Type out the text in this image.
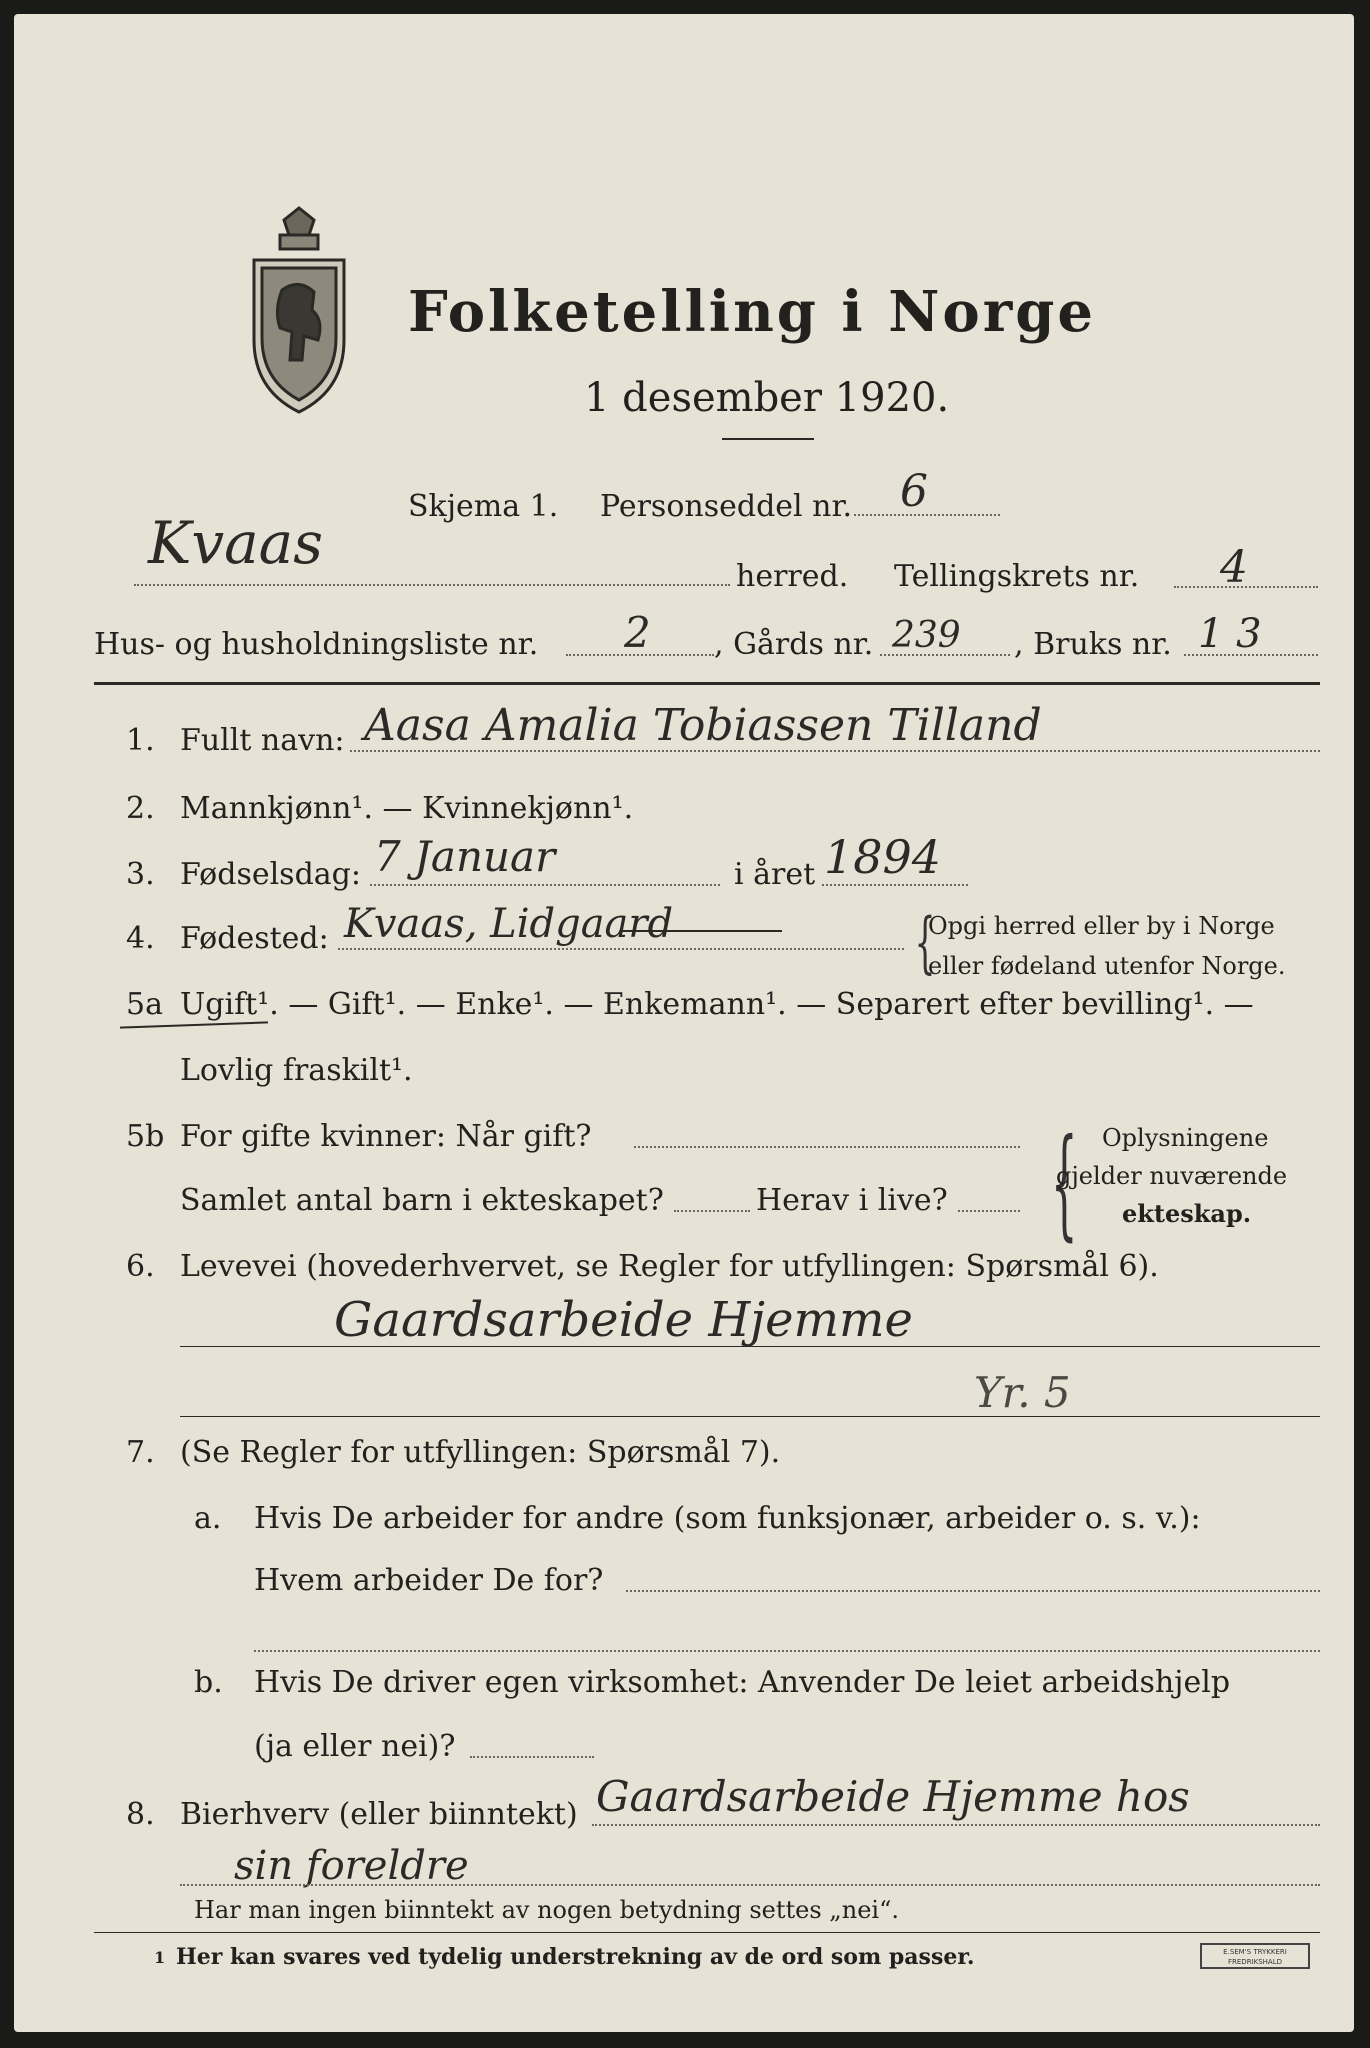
Folketelling i Norge
1 desember 1920.
Skjema 1. Personseddel nr. 6
Kvaas	herred. Tellingskrets nr. 4
Hus- og husholdningsliste nr. 2 , Gårds nr. 239 , Bruks nr. 1 3
1. Fullt navn: Aasa Amalia Tobiassen Tilland
2. Mannkjønn¹. — Kvinnekjønn¹.
3. Fødselsdag: 7 Januar	i året 1894
4. Fødested: Kvaas, Lidgaard	{
Opgi herred eller by i Norge
eller fødeland utenfor Norge.
5a Ugift¹. — Gift¹. — Enke¹. — Enkemann¹. — Separert efter bevilling¹. —
Lovlig fraskilt¹.
5b For gifte kvinner: Når gift?
Samlet antal barn i ekteskapet?	Herav i live? { Oplysningene
gjelder nuværende
ekteskap.
6. Levevei (hovederhvervet, se Regler for utfyllingen: Spørsmål 6).
Gaardsarbeide Hjemme
Yr. 5
7. (Se Regler for utfyllingen: Spørsmål 7).
a. Hvis De arbeider for andre (som funksjonær, arbeider o. s. v.):
Hvem arbeider De for?
b. Hvis De driver egen virksomhet: Anvender De leiet arbeidshjelp
(ja eller nei)?
8. Bierhverv (eller biinntekt) Gaardsarbeide Hjemme hos
sin foreldre
Har man ingen biinntekt av nogen betydning settes „nei“.
1 Her kan svares ved tydelig understrekning av de ord som passer.	E.SEM'S TRYKKERI
FREDRIKSHALD
